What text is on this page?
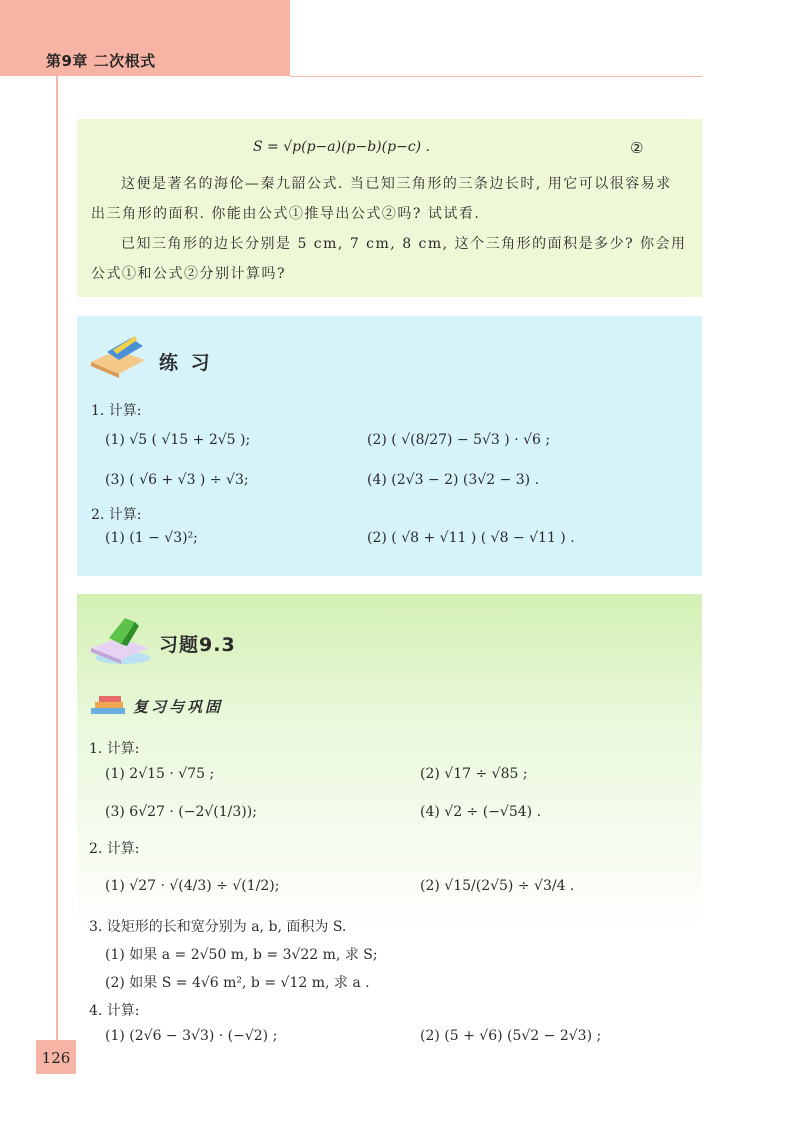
第9章 二次根式
S = √p(p−a)(p−b)(p−c) .	②
这便是著名的海伦—秦九韶公式. 当已知三角形的三条边长时, 用它可以很容易求
出三角形的面积. 你能由公式①推导出公式②吗? 试试看.
已知三角形的边长分别是 5 cm, 7 cm, 8 cm, 这个三角形的面积是多少? 你会用
公式①和公式②分别计算吗?
练 习
1. 计算:
(1) √5 ( √15 + 2√5 );	(2) ( √(8/27) − 5√3 ) · √6 ;
(3) ( √6 + √3 ) ÷ √3;	(4) (2√3 − 2) (3√2 − 3) .
2. 计算:
(1) (1 − √3)²;	(2) ( √8 + √11 ) ( √8 − √11 ) .
习题9.3
复习与巩固
1. 计算:
(1) 2√15 · √75 ;	(2) √17 ÷ √85 ;
(3) 6√27 · (−2√(1/3));	(4) √2 ÷ (−√54) .
2. 计算:
(1) √27 · √(4/3) ÷ √(1/2);	(2) √15/(2√5) ÷ √3/4 .
3. 设矩形的长和宽分别为 a, b, 面积为 S.
(1) 如果 a = 2√50 m, b = 3√22 m, 求 S;
(2) 如果 S = 4√6 m², b = √12 m, 求 a .
4. 计算:
(1) (2√6 − 3√3) · (−√2) ;	(2) (5 + √6) (5√2 − 2√3) ;
126
